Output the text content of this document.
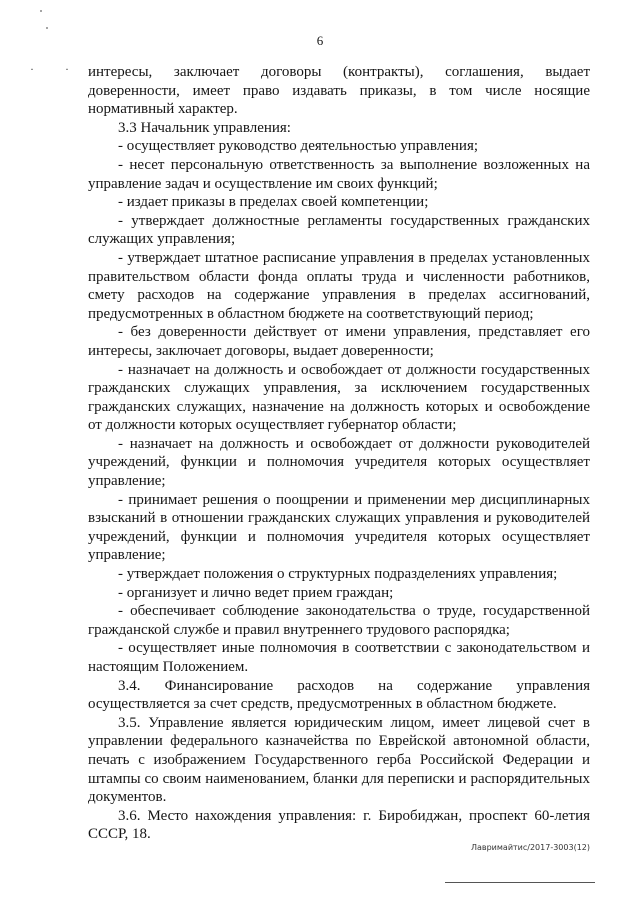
6
· · интересы, заключает договоры (контракты), соглашения, выдает доверенности, имеет право издавать приказы, в том числе носящие нормативный характер.

3.3 Начальник управления:

- осуществляет руководство деятельностью управления;

- несет персональную ответственность за выполнение возложенных на управление задач и осуществление им своих функций;

- издает приказы в пределах своей компетенции;

- утверждает должностные регламенты государственных гражданских служащих управления;

- утверждает штатное расписание управления в пределах установленных правительством области фонда оплаты труда и численности работников, смету расходов на содержание управления в пределах ассигнований, предусмотренных в областном бюджете на соответствующий период;

- без доверенности действует от имени управления, представляет его интересы, заключает договоры, выдает доверенности;

- назначает на должность и освобождает от должности государственных гражданских служащих управления, за исключением государственных гражданских служащих, назначение на должность которых и освобождение от должности которых осуществляет губернатор области;

- назначает на должность и освобождает от должности руководителей учреждений, функции и полномочия учредителя которых осуществляет управление;

- принимает решения о поощрении и применении мер дисциплинарных взысканий в отношении гражданских служащих управления и руководителей учреждений, функции и полномочия учредителя которых осуществляет управление;

- утверждает положения о структурных подразделениях управления;

- организует и лично ведет прием граждан;

- обеспечивает соблюдение законодательства о труде, государственной гражданской службе и правил внутреннего трудового распорядка;

- осуществляет иные полномочия в соответствии с законодательством и настоящим Положением.

3.4. Финансирование расходов на содержание управления осуществляется за счет средств, предусмотренных в областном бюджете.

3.5. Управление является юридическим лицом, имеет лицевой счет в управлении федерального казначейства по Еврейской автономной области, печать с изображением Государственного герба Российской Федерации и штампы со своим наименованием, бланки для переписки и распорядительных документов.

3.6. Место нахождения управления: г. Биробиджан, проспект 60-летия СССР, 18.

Лавримайтис/2017-3003(12)
